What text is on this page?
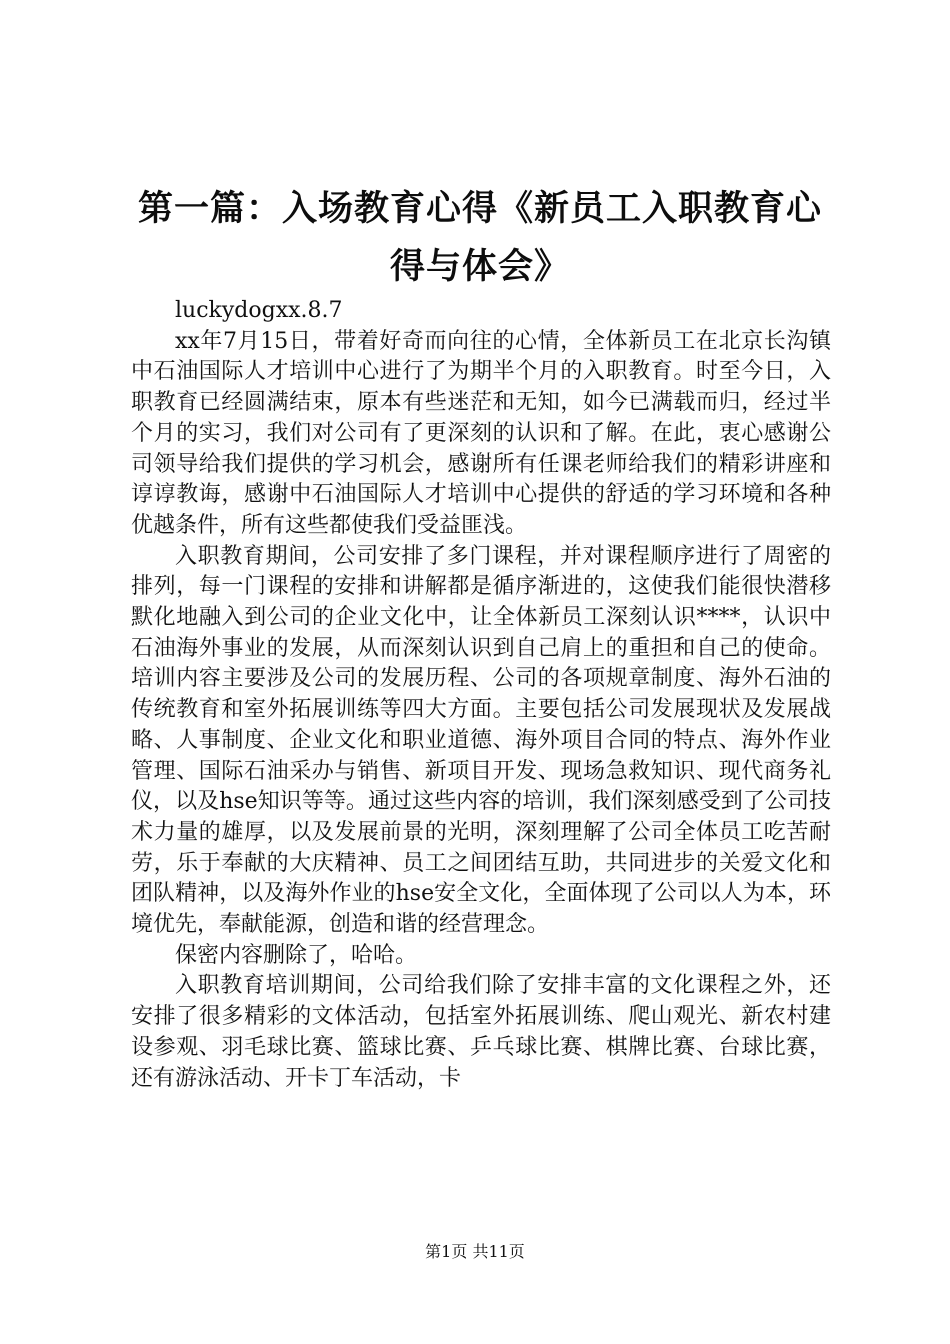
第一篇：入场教育心得《新员工入职教育心得与体会》

luckydogxx.8.7

xx年7月15日，带着好奇而向往的心情，全体新员工在北京长沟镇中石油国际人才培训中心进行了为期半个月的入职教育。时至今日，入职教育已经圆满结束，原本有些迷茫和无知，如今已满载而归，经过半个月的实习，我们对公司有了更深刻的认识和了解。在此，衷心感谢公司领导给我们提供的学习机会，感谢所有任课老师给我们的精彩讲座和谆谆教诲，感谢中石油国际人才培训中心提供的舒适的学习环境和各种优越条件，所有这些都使我们受益匪浅。

入职教育期间，公司安排了多门课程，并对课程顺序进行了周密的排列，每一门课程的安排和讲解都是循序渐进的，这使我们能很快潜移默化地融入到公司的企业文化中，让全体新员工深刻认识****，认识中石油海外事业的发展，从而深刻认识到自己肩上的重担和自己的使命。培训内容主要涉及公司的发展历程、公司的各项规章制度、海外石油的传统教育和室外拓展训练等四大方面。主要包括公司发展现状及发展战略、人事制度、企业文化和职业道德、海外项目合同的特点、海外作业管理、国际石油采办与销售、新项目开发、现场急救知识、现代商务礼仪，以及hse知识等等。通过这些内容的培训，我们深刻感受到了公司技术力量的雄厚，以及发展前景的光明，深刻理解了公司全体员工吃苦耐劳，乐于奉献的大庆精神、员工之间团结互助，共同进步的关爱文化和团队精神，以及海外作业的hse安全文化，全面体现了公司以人为本，环境优先，奉献能源，创造和谐的经营理念。

保密内容删除了，哈哈。

入职教育培训期间，公司给我们除了安排丰富的文化课程之外，还安排了很多精彩的文体活动，包括室外拓展训练、爬山观光、新农村建设参观、羽毛球比赛、篮球比赛、乒乓球比赛、棋牌比赛、台球比赛，还有游泳活动、开卡丁车活动，卡

第1页 共11页
